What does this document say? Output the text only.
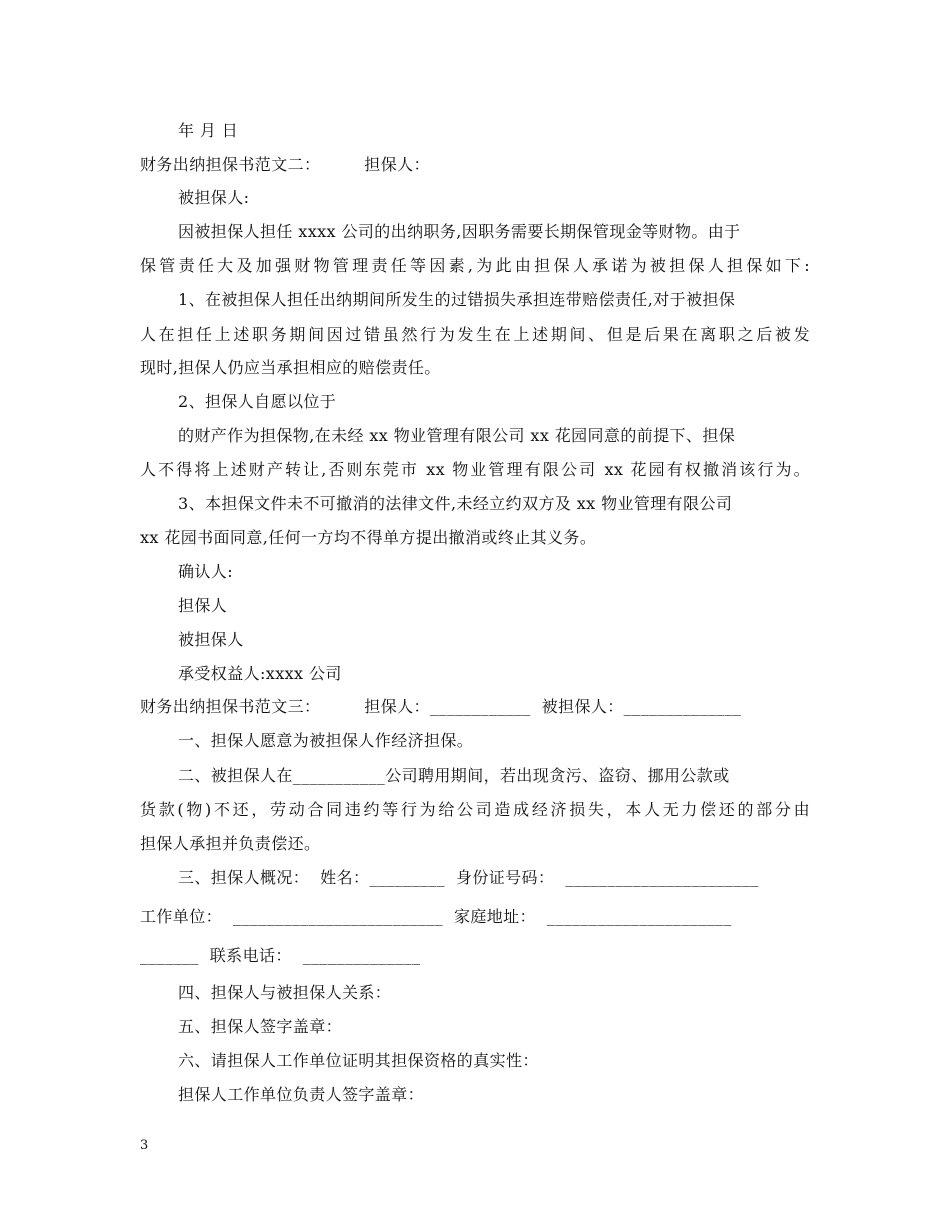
年 月 日
财务出纳担保书范文二：        担保人：
被担保人:
因被担保人担任 xxxx 公司的出纳职务,因职务需要长期保管现金等财物。由于
保管责任大及加强财物管理责任等因素,为此由担保人承诺为被担保人担保如下:
1、在被担保人担任出纳期间所发生的过错损失承担连带赔偿责任,对于被担保
人在担任上述职务期间因过错虽然行为发生在上述期间、但是后果在离职之后被发
现时,担保人仍应当承担相应的赔偿责任。
2、担保人自愿以位于
的财产作为担保物,在未经 xx 物业管理有限公司 xx 花园同意的前提下、担保
人不得将上述财产转让,否则东莞市 xx 物业管理有限公司 xx 花园有权撤消该行为。
3、本担保文件未不可撤消的法律文件,未经立约双方及 xx 物业管理有限公司
xx 花园书面同意,任何一方均不得单方提出撤消或终止其义务。
确认人:
担保人
被担保人
承受权益人:xxxx 公司
财务出纳担保书范文三：        担保人：____________  被担保人：______________
一、担保人愿意为被担保人作经济担保。
二、被担保人在___________公司聘用期间，若出现贪污、盗窃、挪用公款或
货款(物)不还，劳动合同违约等行为给公司造成经济损失，本人无力偿还的部分由
担保人承担并负责偿还。
三、担保人概况：  姓名：_________  身份证号码：  _______________________
工作单位：  _________________________  家庭地址：  ______________________
_______  联系电话：  ______________
四、担保人与被担保人关系：
五、担保人签字盖章：
六、请担保人工作单位证明其担保资格的真实性：
担保人工作单位负责人签字盖章：
3
